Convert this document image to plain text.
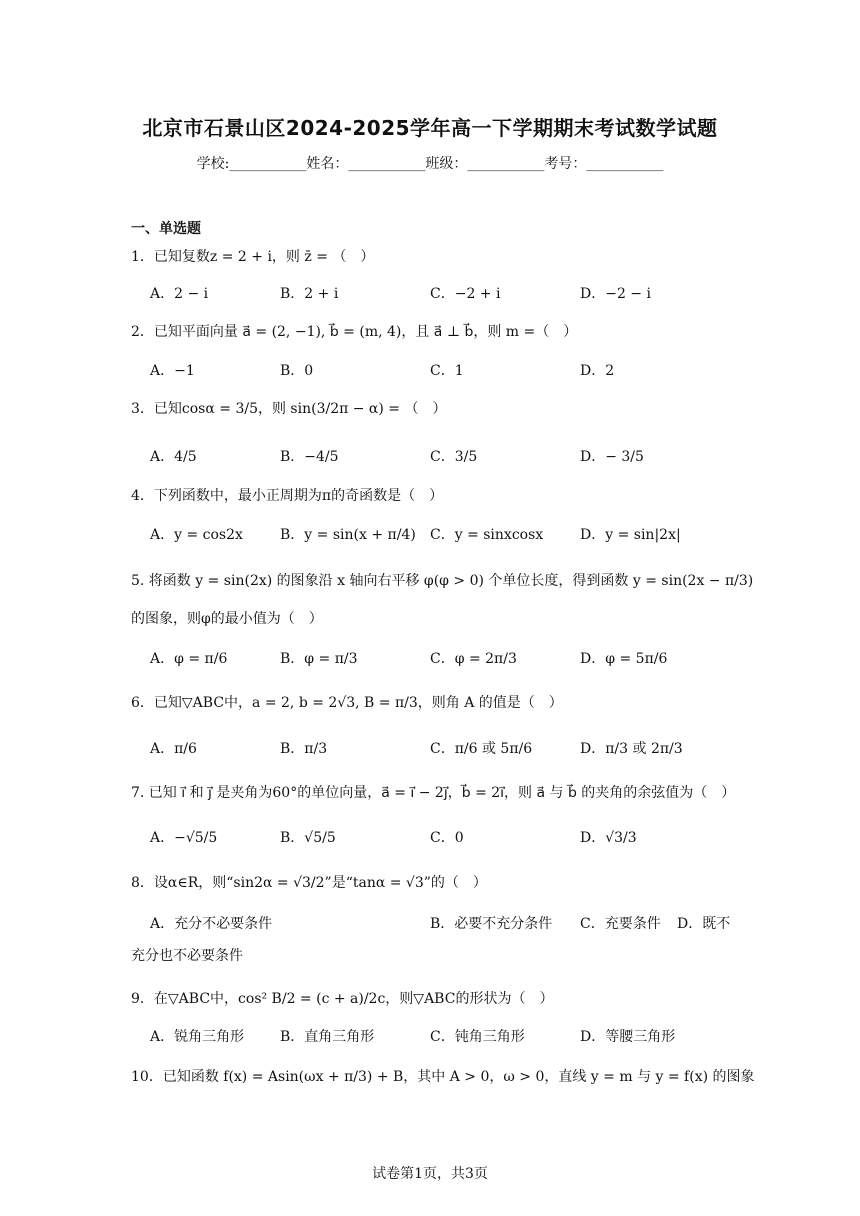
北京市石景山区2024-2025学年高一下学期期末考试数学试题
学校:___________姓名：___________班级：___________考号：___________
一、单选题
1．已知复数z = 2 + i，则 z̄ = （　）
A．2 − i	B．2 + i	C．−2 + i	D．−2 − i
2．已知平面向量 a⃗ = (2, −1), b⃗ = (m, 4)，且 a⃗ ⊥ b⃗，则 m =（　）
A．−1	B．0	C．1	D．2
3．已知cosα = 3/5，则 sin(3/2π − α) = （　）
A．4/5	B．−4/5	C．3/5	D．− 3/5
4．下列函数中，最小正周期为π的奇函数是（　）
A．y = cos2x	B．y = sin(x + π/4) C．y = sinxcosx	D．y = sin|2x|
5. 将函数 y = sin(2x) 的图象沿 x 轴向右平移 φ(φ > 0) 个单位长度，得到函数 y = sin(2x − π/3)
的图象，则φ的最小值为（　）
A．φ = π/6	B．φ = π/3	C．φ = 2π/3	D．φ = 5π/6
6．已知▽ABC中，a = 2, b = 2√3, B = π/3，则角 A 的值是（　）
A．π/6	B．π/3	C．π/6 或 5π/6	D．π/3 或 2π/3
7. 已知 i⃗ 和 j⃗ 是夹角为60°的单位向量，a⃗ = i⃗ − 2j⃗，b⃗ = 2i⃗，则 a⃗ 与 b⃗ 的夹角的余弦值为（　）
A．−√5/5	B．√5/5	C．0	D．√3/3
8．设α∈R，则“sin2α = √3/2”是“tanα = √3”的（　）
A．充分不必要条件	B．必要不充分条件 C．充要条件 D．既不
充分也不必要条件
9．在▽ABC中，cos² B/2 = (c + a)/2c，则▽ABC的形状为（　）
A．锐角三角形	B．直角三角形	C．钝角三角形	D．等腰三角形
10．已知函数 f(x) = Asin(ωx + π/3) + B，其中 A > 0，ω > 0，直线 y = m 与 y = f(x) 的图象
试卷第1页，共3页
